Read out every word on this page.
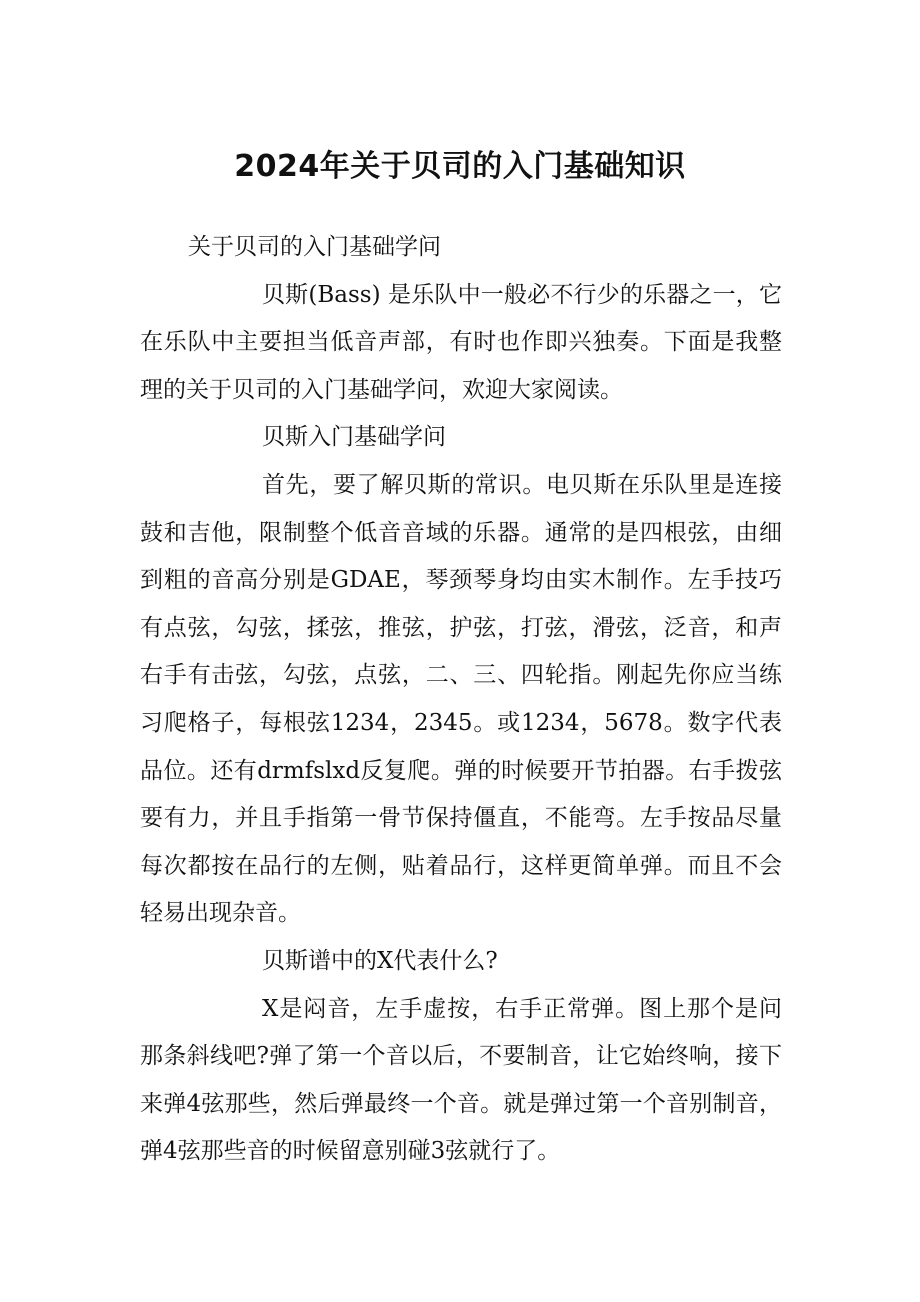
2024年关于贝司的入门基础知识

关于贝司的入门基础学问

贝斯(Bass) 是乐队中一般必不行少的乐器之一，它在乐队中主要担当低音声部，有时也作即兴独奏。下面是我整理的关于贝司的入门基础学问，欢迎大家阅读。

贝斯入门基础学问

首先，要了解贝斯的常识。电贝斯在乐队里是连接鼓和吉他，限制整个低音音域的乐器。通常的是四根弦，由细到粗的音高分别是GDAE，琴颈琴身均由实木制作。左手技巧有点弦，勾弦，揉弦，推弦，护弦，打弦，滑弦，泛音，和声右手有击弦，勾弦，点弦，二、三、四轮指。刚起先你应当练习爬格子，每根弦1234，2345。或1234，5678。数字代表品位。还有drmfslxd反复爬。弹的时候要开节拍器。右手拨弦要有力，并且手指第一骨节保持僵直，不能弯。左手按品尽量每次都按在品行的左侧，贴着品行，这样更简单弹。而且不会轻易出现杂音。

贝斯谱中的X代表什么?

X是闷音，左手虚按，右手正常弹。图上那个是问那条斜线吧?弹了第一个音以后，不要制音，让它始终响，接下来弹4弦那些，然后弹最终一个音。就是弹过第一个音别制音，弹4弦那些音的时候留意别碰3弦就行了。
